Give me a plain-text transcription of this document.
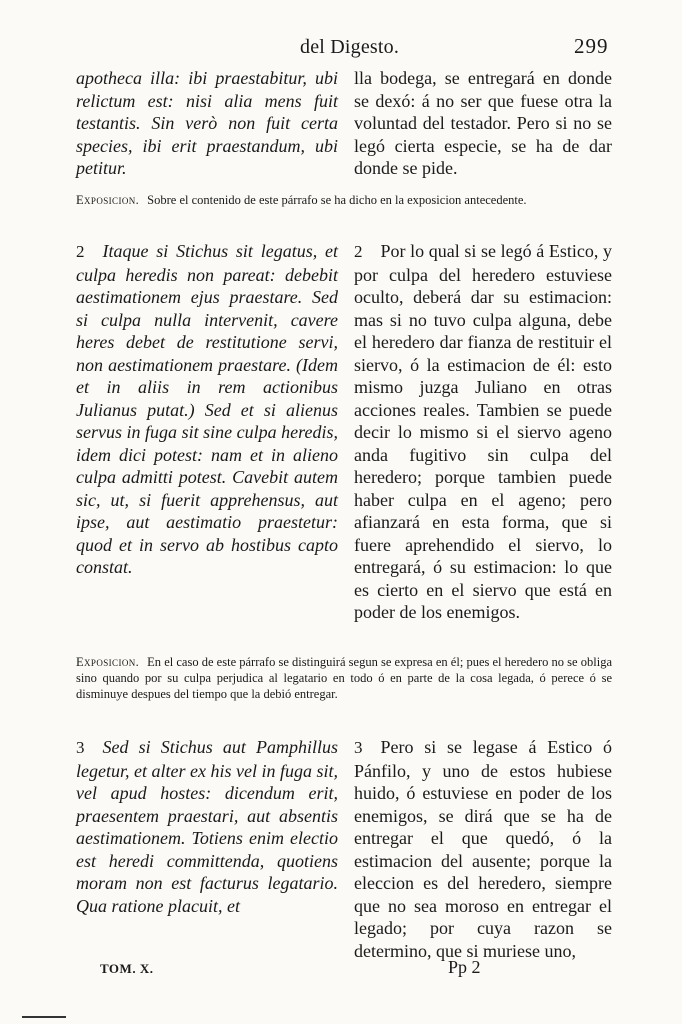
del Digesto.	299

apotheca illa: ibi praestabitur, ubi relictum est: nisi alia mens fuit testantis. Sin verò non fuit certa species, ibi erit praestandum, ubi petitur.

lla bodega, se entregará en donde se dexó: á no ser que fuese otra la voluntad del testador. Pero si no se legó cierta especie, se ha de dar donde se pide.

Exposicion. Sobre el contenido de este párrafo se ha dicho en la exposicion antecedente.

2 Itaque si Stichus sit legatus, et culpa heredis non pareat: debebit aestimationem ejus praestare. Sed si culpa nulla intervenit, cavere heres debet de restitutione servi, non aestimationem praestare. (Idem et in aliis in rem actionibus Julianus putat.) Sed et si alienus servus in fuga sit sine culpa heredis, idem dici potest: nam et in alieno culpa admitti potest. Cavebit autem sic, ut, si fuerit apprehensus, aut ipse, aut aestimatio praestetur: quod et in servo ab hostibus capto constat.

2 Por lo qual si se legó á Estico, y por culpa del heredero estuviese oculto, deberá dar su estimacion: mas si no tuvo culpa alguna, debe el heredero dar fianza de restituir el siervo, ó la estimacion de él: esto mismo juzga Juliano en otras acciones reales. Tambien se puede decir lo mismo si el siervo ageno anda fugitivo sin culpa del heredero; porque tambien puede haber culpa en el ageno; pero afianzará en esta forma, que si fuere aprehendido el siervo, lo entregará, ó su estimacion: lo que es cierto en el siervo que está en poder de los enemigos.

Exposicion. En el caso de este párrafo se distinguirá segun se expresa en él; pues el heredero no se obliga sino quando por su culpa perjudica al legatario en todo ó en parte de la cosa legada, ó perece ó se disminuye despues del tiempo que la debió entregar.

3 Sed si Stichus aut Pamphillus legetur, et alter ex his vel in fuga sit, vel apud hostes: dicendum erit, praesentem praestari, aut absentis aestimationem. Totiens enim electio est heredi committenda, quotiens moram non est facturus legatario. Qua ratione placuit, et

3 Pero si se legase á Estico ó Pánfilo, y uno de estos hubiese huido, ó estuviese en poder de los enemigos, se dirá que se ha de entregar el que quedó, ó la estimacion del ausente; porque la eleccion es del heredero, siempre que no sea moroso en entregar el legado; por cuya razon se determino, que si muriese uno,

TOM. X.	Pp 2
